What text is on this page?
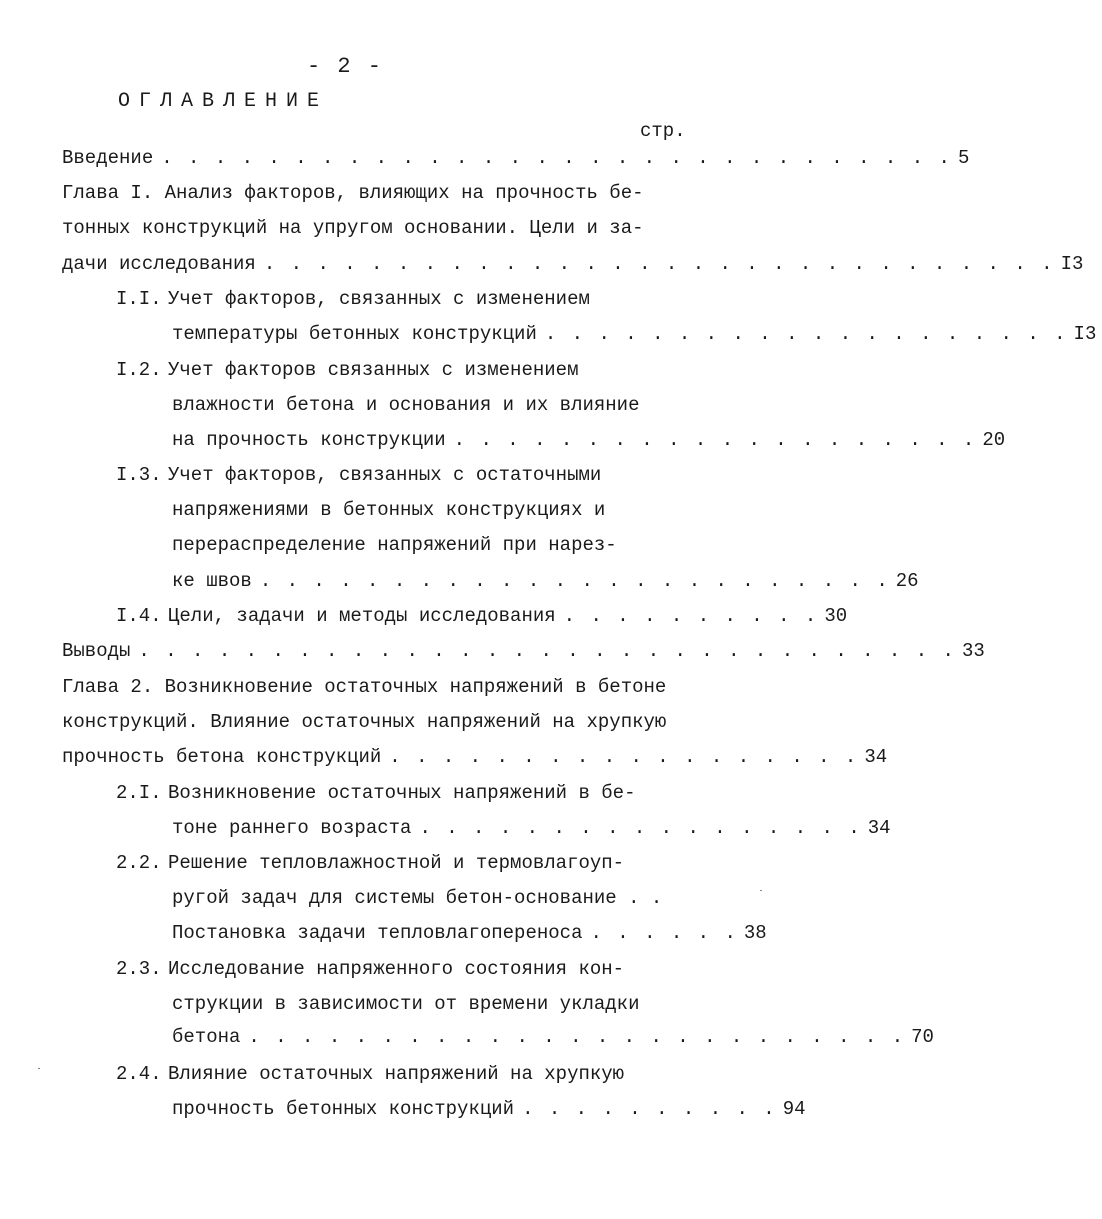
- 2 -
ОГЛАВЛЕНИЕ
стр.
Введение . . . . . . . . . . . . . . . . . . . . . . . . . . . . . . 5
Глава I. Анализ факторов, влияющих на прочность бе-
тонных конструкций на упругом основании. Цели и за-
дачи исследования . . . . . . . . . . . . . . . . . . . . . . . . . . . . . . I3
I.I. Учет факторов, связанных с изменением
температуры бетонных конструкций . . . . . . . . . . . . . . . . . . . . I3
I.2. Учет факторов связанных с изменением
влажности бетона и основания и их влияние
на прочность конструкции . . . . . . . . . . . . . . . . . . . . 20
I.3. Учет факторов, связанных с остаточными
напряжениями в бетонных конструкциях и
перераспределение напряжений при нарез-
ке швов . . . . . . . . . . . . . . . . . . . . . . . . 26
I.4. Цели, задачи и методы исследования . . . . . . . . . . 30
Выводы . . . . . . . . . . . . . . . . . . . . . . . . . . . . . . . 33
Глава 2. Возникновение остаточных напряжений в бетоне
конструкций. Влияние остаточных напряжений на хрупкую
прочность бетона конструкций . . . . . . . . . . . . . . . . . . 34
2.I. Возникновение остаточных напряжений в бе-
тоне раннего возраста . . . . . . . . . . . . . . . . . 34
2.2. Решение тепловлажностной и термовлагоуп-
ругой задач для системы бетон-основание . .
Постановка задачи тепловлагопереноса . . . . . . 38
2.3. Исследование напряженного состояния кон-
струкции в зависимости от времени укладки
бетона . . . . . . . . . . . . . . . . . . . . . . . . . 70
2.4. Влияние остаточных напряжений на хрупкую
прочность бетонных конструкций . . . . . . . . . . 94
